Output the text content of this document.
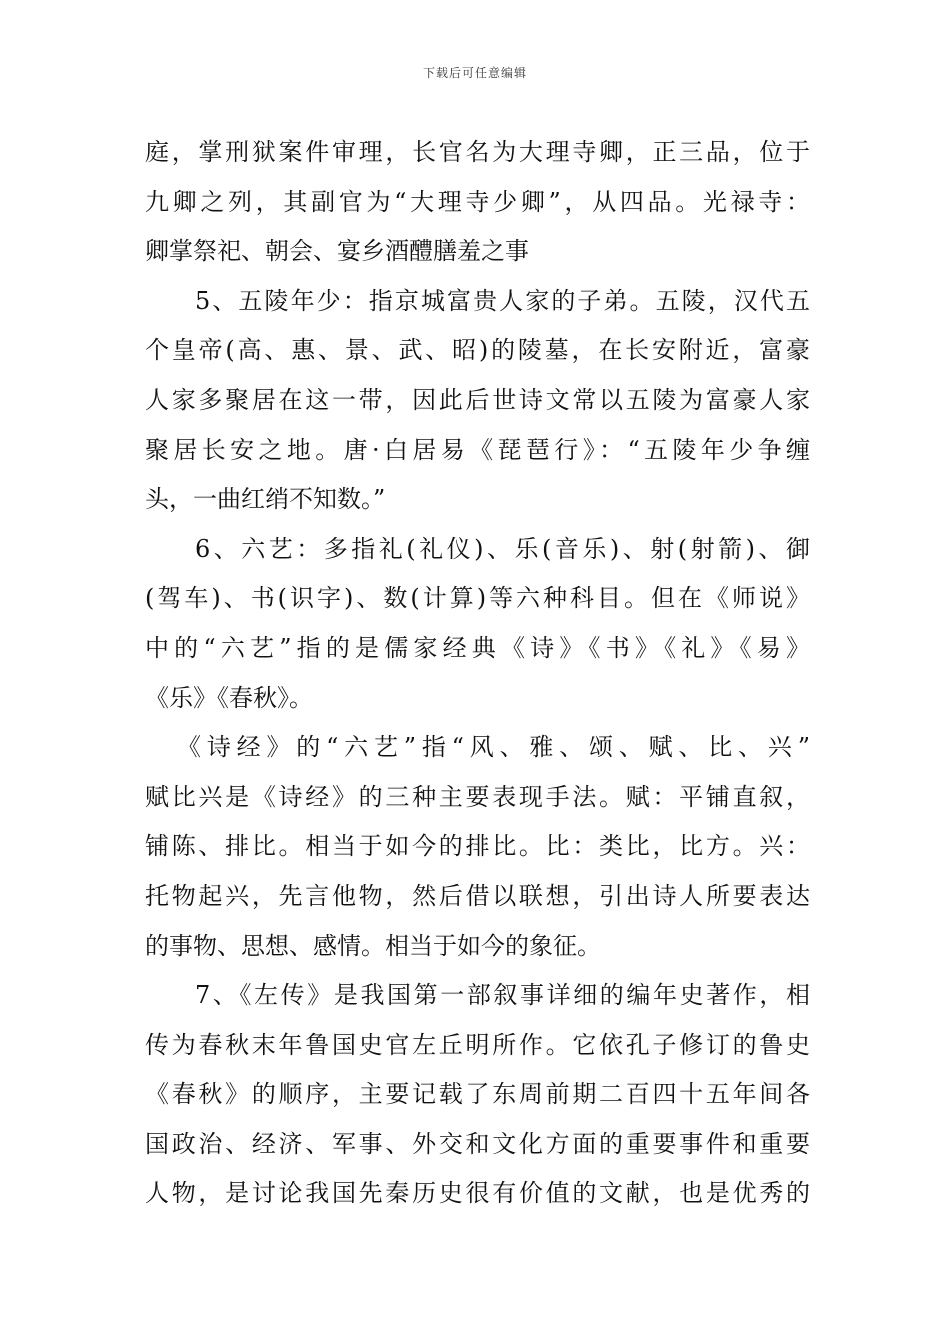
下载后可任意编辑
庭，掌刑狱案件审理，长官名为大理寺卿，正三品，位于
九卿之列，其副官为“大理寺少卿”，从四品。光禄寺：
卿掌祭祀、朝会、宴乡酒醴膳羞之事
5、五陵年少：指京城富贵人家的子弟。五陵，汉代五
个皇帝(高、惠、景、武、昭)的陵墓，在长安附近，富豪
人家多聚居在这一带，因此后世诗文常以五陵为富豪人家
聚居长安之地。唐·白居易《琵琶行》：“五陵年少争缠
头，一曲红绡不知数。”
6、六艺：多指礼(礼仪)、乐(音乐)、射(射箭)、御
(驾车)、书(识字)、数(计算)等六种科目。但在《师说》
中的“六艺”指的是儒家经典《诗》《书》《礼》《易》
《乐》《春秋》。
《诗经》的“六艺”指“风、雅、颂、赋、比、兴”
赋比兴是《诗经》的三种主要表现手法。赋：平铺直叙，
铺陈、排比。相当于如今的排比。比：类比，比方。兴：
托物起兴，先言他物，然后借以联想，引出诗人所要表达
的事物、思想、感情。相当于如今的象征。
7、《左传》是我国第一部叙事详细的编年史著作，相
传为春秋末年鲁国史官左丘明所作。它依孔子修订的鲁史
《春秋》的顺序，主要记载了东周前期二百四十五年间各
国政治、经济、军事、外交和文化方面的重要事件和重要
人物，是讨论我国先秦历史很有价值的文献，也是优秀的
